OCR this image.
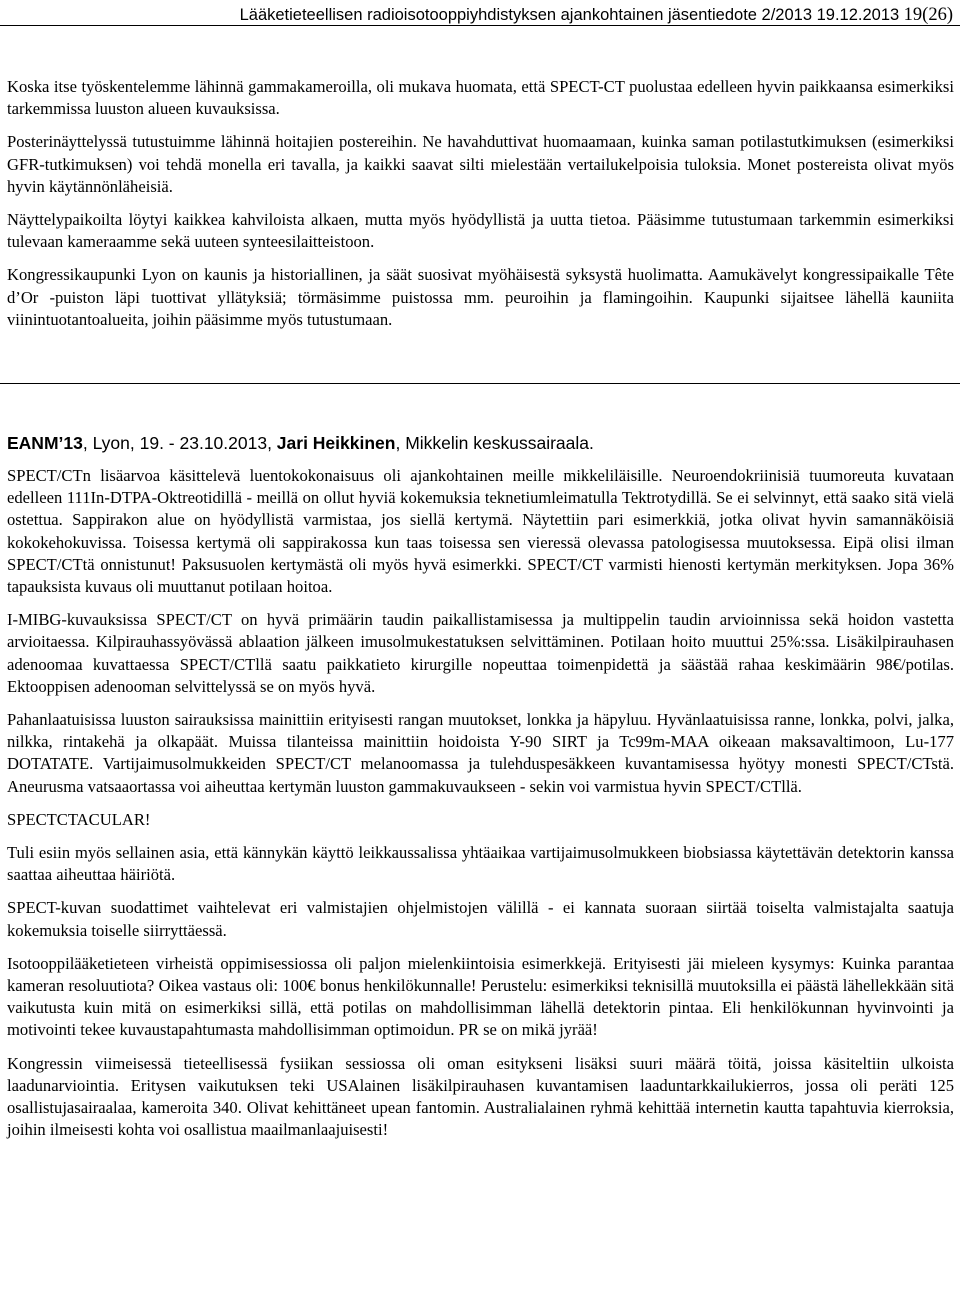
Lääketieteellisen radioisotooppiyhdistyksen ajankohtainen jäsentiedote 2/2013 19.12.2013 19(26)

Koska itse työskentelemme lähinnä gammakameroilla, oli mukava huomata, että SPECT-CT puolustaa edelleen hyvin paikkaansa esimerkiksi tarkemmissa luuston alueen kuvauksissa.

Posterinäyttelyssä tutustuimme lähinnä hoitajien postereihin. Ne havahduttivat huomaamaan, kuinka saman potilastutkimuksen (esimerkiksi GFR-tutkimuksen) voi tehdä monella eri tavalla, ja kaikki saavat silti mielestään vertailukelpoisia tuloksia. Monet postereista olivat myös hyvin käytännönläheisiä.

Näyttelypaikoilta löytyi kaikkea kahviloista alkaen, mutta myös hyödyllistä ja uutta tietoa. Pääsimme tutustumaan tarkemmin esimerkiksi tulevaan kameraamme sekä uuteen synteesilaitteistoon.

Kongressikaupunki Lyon on kaunis ja historiallinen, ja säät suosivat myöhäisestä syksystä huolimatta. Aamukävelyt kongressipaikalle Tête d’Or -puiston läpi tuottivat yllätyksiä; törmäsimme puistossa mm. peuroihin ja flamingoihin. Kaupunki sijaitsee lähellä kauniita viinintuotantoalueita, joihin pääsimme myös tutustumaan.

EANM’13, Lyon, 19. - 23.10.2013, Jari Heikkinen, Mikkelin keskussairaala.

SPECT/CTn lisäarvoa käsittelevä luentokokonaisuus oli ajankohtainen meille mikkeliläisille. Neuroendokriinisiä tuumoreuta kuvataan edelleen 111In-DTPA-Oktreotidillä - meillä on ollut hyviä kokemuksia teknetiumleimatulla Tektrotydillä. Se ei selvinnyt, että saako sitä vielä ostettua. Sappirakon alue on hyödyllistä varmistaa, jos siellä kertymä. Näytettiin pari esimerkkiä, jotka olivat hyvin samannäköisiä kokokehokuvissa. Toisessa kertymä oli sappirakossa kun taas toisessa sen vieressä olevassa patologisessa muutoksessa. Eipä olisi ilman SPECT/CTtä onnistunut! Paksusuolen kertymästä oli myös hyvä esimerkki. SPECT/CT varmisti hienosti kertymän merkityksen. Jopa 36% tapauksista kuvaus oli muuttanut potilaan hoitoa.

I-MIBG-kuvauksissa SPECT/CT on hyvä primäärin taudin paikallistamisessa ja multippelin taudin arvioinnissa sekä hoidon vastetta arvioitaessa. Kilpirauhassyövässä ablaation jälkeen imusolmukestatuksen selvittäminen. Potilaan hoito muuttui 25%:ssa. Lisäkilpirauhasen adenoomaa kuvattaessa SPECT/CTllä saatu paikkatieto kirurgille nopeuttaa toimenpidettä ja säästää rahaa keskimäärin 98€/potilas. Ektooppisen adenooman selvittelyssä se on myös hyvä.

Pahanlaatuisissa luuston sairauksissa mainittiin erityisesti rangan muutokset, lonkka ja häpyluu. Hyvänlaatuisissa ranne, lonkka, polvi, jalka, nilkka, rintakehä ja olkapäät. Muissa tilanteissa mainittiin hoidoista Y-90 SIRT ja Tc99m-MAA oikeaan maksavaltimoon, Lu-177 DOTATATE. Vartijaimusolmukkeiden SPECT/CT melanoomassa ja tulehduspesäkkeen kuvantamisessa hyötyy monesti SPECT/CTstä. Aneurusma vatsaaortassa voi aiheuttaa kertymän luuston gammakuvaukseen - sekin voi varmistua hyvin SPECT/CTllä.

SPECTCTACULAR!

Tuli esiin myös sellainen asia, että kännykän käyttö leikkaussalissa yhtäaikaa vartijaimusolmukkeen biobsiassa käytettävän detektorin kanssa saattaa aiheuttaa häiriötä.

SPECT-kuvan suodattimet vaihtelevat eri valmistajien ohjelmistojen välillä - ei kannata suoraan siirtää toiselta valmistajalta saatuja kokemuksia toiselle siirryttäessä.

Isotooppilääketieteen virheistä oppimisessiossa oli paljon mielenkiintoisia esimerkkejä. Erityisesti jäi mieleen kysymys: Kuinka parantaa kameran resoluutiota? Oikea vastaus oli: 100€ bonus henkilökunnalle! Perustelu: esimerkiksi teknisillä muutoksilla ei päästä lähellekkään sitä vaikutusta kuin mitä on esimerkiksi sillä, että potilas on mahdollisimman lähellä detektorin pintaa. Eli henkilökunnan hyvinvointi ja motivointi tekee kuvaustapahtumasta mahdollisimman optimoidun. PR se on mikä jyrää!

Kongressin viimeisessä tieteellisessä fysiikan sessiossa oli oman esitykseni lisäksi suuri määrä töitä, joissa käsiteltiin ulkoista laadunarviointia. Eritysen vaikutuksen teki USAlainen lisäkilpirauhasen kuvantamisen laaduntarkkailukierros, jossa oli peräti 125 osallistujasairaalaa, kameroita 340. Olivat kehittäneet upean fantomin. Australialainen ryhmä kehittää internetin kautta tapahtuvia kierroksia, joihin ilmeisesti kohta voi osallistua maailmanlaajuisesti!
